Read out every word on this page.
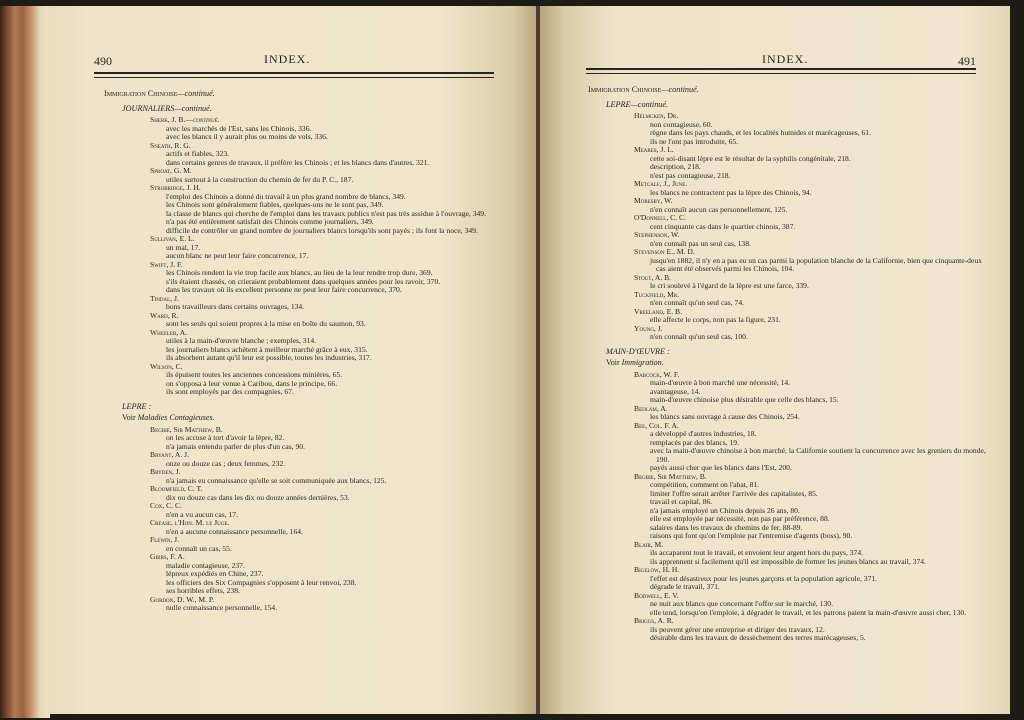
490	INDEX.
Immigration Chinoise—continué.
JOURNALIERS—continué.
Sherk, J. B.—continué.
avec les marchés de l'Est, sans les Chinois, 336.
avec les blancs il y aurait plus ou moins de vols, 336.
Sneath, R. G.
actifs et fiables, 323.
dans certains genres de travaux, il préfère les Chinois ; et les blancs dans d'autres, 321.
Sproat, G. M.
utiles surtout à la construction du chemin de fer du P. C., 187.
Strobridge, J. H.
l'emploi des Chinois a donné du travail à un plus grand nombre de blancs, 349.
les Chinois sont généralement fiables, quelques-uns ne le sont pas, 349.
la classe de blancs qui cherche de l'emploi dans les travaux publics n'est pas très assidue à l'ouvrage, 349.
n'a pas été entièrement satisfait des Chinois comme journaliers, 349.
difficile de contrôler un grand nombre de journaliers blancs lorsqu'ils sont payés ; ils font la noce, 349.
Sullivan, E. L.
un mal, 17.
aucun blanc ne peut leur faire concurrence, 17.
Swift, J. F.
les Chinois rendent la vie trop facile aux blancs, au lieu de la leur rendre trop dure, 369.
s'ils étaient chassés, on crieraient probablement dans quelques années pour les ravoir, 370.
dans les travaux où ils excellent personne ne peut leur faire concurrence, 370.
Tindal, J.
bons travailleurs dans certains ouvrages, 134.
Ward, R.
sont les seuls qui soient propres à la mise en boîte du saumon, 93.
Wheeler, A.
utiles à la main-d'œuvre blanche ; exemples, 314.
les journaliers blancs achètent à meilleur marché grâce à eux, 315.
ils absorbent autant qu'il leur est possible, toutes les industries, 317.
Wilson, C.
ils épuisent toutes les anciennes concessions minières, 65.
on s'opposa à leur venue à Caribou, dans le principe, 66.
ils sont employés par des compagnies, 67.
LEPRE :
Voir Maladies Contagieuses.
Begbie, Sir Matthew, B.
on les accuse à tort d'avoir la lèpre, 82.
n'a jamais entendu parler de plus d'un cas, 90.
Bryant, A. J.
onze ou douze cas ; deux femmes, 232.
Bryden, J.
n'a jamais eu connaissance qu'elle se soit communiquée aux blancs, 125.
Bloomfield, C. T.
dix ou douze cas dans les dix ou douze années dernières, 53.
Cox, C. C.
n'en a vu aucun cas, 17.
Crease, l'Hon. M. le Juge.
n'en a aucune connaissance personnelle, 164.
Flewin, J.
en connaît un cas, 55.
Gibbs, F. A.
maladie contagieuse, 237.
lépreux expédiés en Chine, 237.
les officiers des Six Compagnies s'opposent à leur renvoi, 238.
ses horribles effets, 238.
Gordon, D. W., M. P.
nulle connaissance personnelle, 154.
INDEX.	491
Immigration Chinoise—continué.
LEPRE—continué.
Helmcken, Dr.
non contagieuse, 60.
règne dans les pays chauds, et les localités humides et marécageuses, 61.
ils ne l'ont pas introduite, 65.
Meares, J. L.
cette soi-disant lèpre est le résultat de la syphilis congénitale, 218.
description, 218.
n'est pas contagieuse, 218.
Metcalf, J., June.
les blancs ne contractent pas la lèpre des Chinois, 94.
Moresby, W.
n'en connaît aucun cas personnellement, 125.
O'Donnell, C. C.
cent cinquante cas dans le quartier chinois, 387.
Stephenson, W.
n'en connaît pas un seul cas, 138.
Stevenson E., M. D.
jusqu'en 1882, il n'y en a pas eu un cas parmi la population blanche de la Californie, bien que cinquante-deux cas aient été observés parmi les Chinois, 104.
Stout, A. B.
le cri soulevé à l'égard de la lèpre est une farce, 339.
Tuckfield, Mr.
n'en connaît qu'un seul cas, 74.
Vreeland, E. B.
elle affecte le corps, non pas la figure, 231.
Young, J.
n'en connaît qu'un seul cas, 100.
MAIN-D'ŒUVRE :
Voir Immigration.
Babcock, W. F.
main-d'œuvre à bon marché une nécessité, 14.
avantageuse, 14.
main-d'œuvre chinoise plus désirable que celle des blancs, 15.
Bedlam, A.
les blancs sans ouvrage à cause des Chinois, 254.
Bee, Col. F. A.
a développé d'autres industries, 18.
remplacés par des blancs, 19.
avec la main-d'œuvre chinoise à bon marché, la Californie soutient la concurrence avec les greniers du monde, 190.
payés aussi cher que les blancs dans l'Est, 200.
Begbie, Sir Matthew, B.
compétition, comment on l'abat, 81.
limiter l'offre serait arrêter l'arrivée des capitalistes, 85.
travail et capital, 86.
n'a jamais employé un Chinois depuis 26 ans, 80.
elle est employée par nécessité, non pas par préférence, 88.
salaires dans les travaux de chemins de fer, 88-89.
raisons qui font qu'on l'emploie par l'entremise d'agents (boss), 90.
Blair, M.
ils accaparent tout le travail, et envoient leur argent hors du pays, 374.
ils apprennent si facilement qu'il est impossible de former les jeunes blancs au travail, 374.
Bigelow, H. H.
l'effet est désastreux pour les jeunes garçons et la population agricole, 371.
dégrade le travail, 371.
Bodwell, E. V.
ne nuit aux blancs que concernant l'offre sur le marché, 130.
elle tend, lorsqu'on l'emploie, à dégrader le travail, et les patrons paient la main-d'œuvre aussi cher, 130.
Briggs, A. R.
ils peuvent gérer une entreprise et diriger des travaux, 12.
désirable dans les travaux de dessèchement des terres marécageuses, 5.
